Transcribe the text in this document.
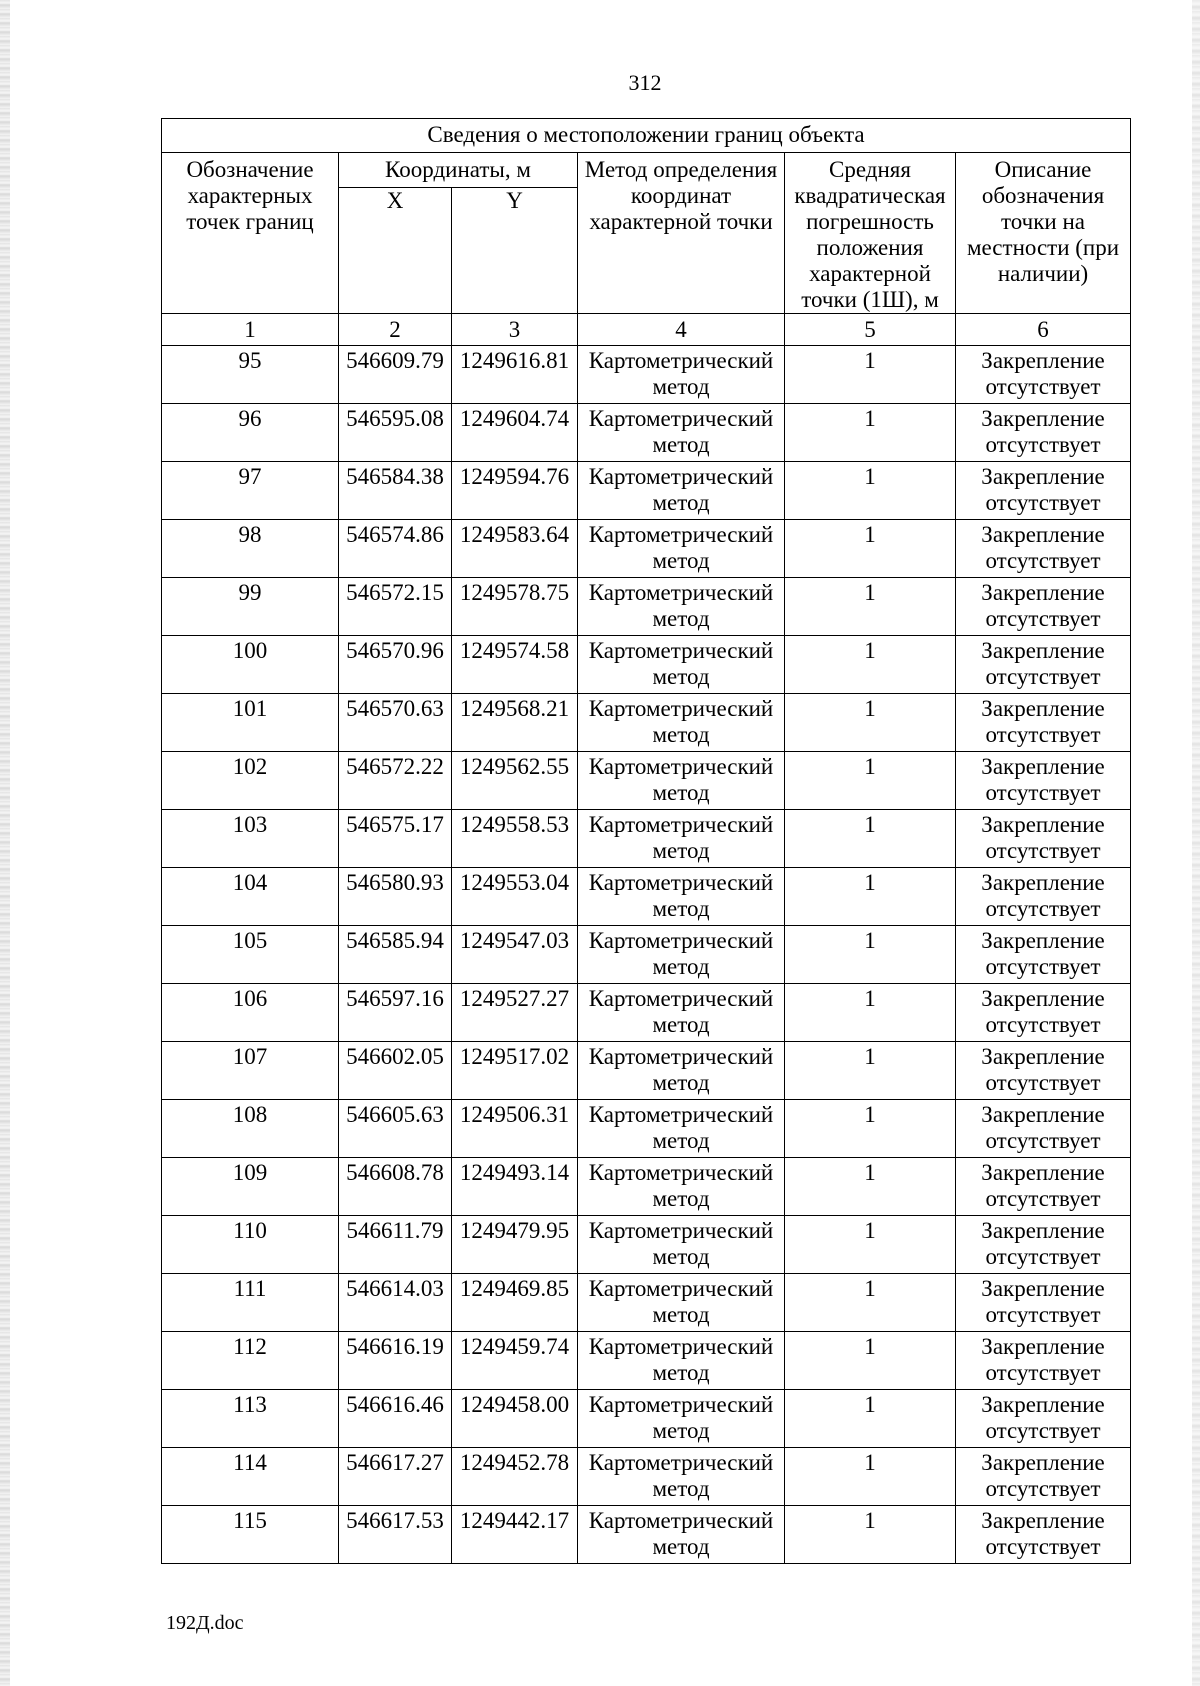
312
Сведения о местоположении границ объекта					
Обозначение характерных точек границ	Координаты, м		Метод определения координат характерной точки	Средняя квадратическая погрешность положения характерной точки (1Ш), м	Описание обозначения точки на местности (при наличии)
	X	Y			
1	2	3	4	5	6
95	546609.79	1249616.81	Картометрический метод	1	Закрепление отсутствует
96	546595.08	1249604.74	Картометрический метод	1	Закрепление отсутствует
97	546584.38	1249594.76	Картометрический метод	1	Закрепление отсутствует
98	546574.86	1249583.64	Картометрический метод	1	Закрепление отсутствует
99	546572.15	1249578.75	Картометрический метод	1	Закрепление отсутствует
100	546570.96	1249574.58	Картометрический метод	1	Закрепление отсутствует
101	546570.63	1249568.21	Картометрический метод	1	Закрепление отсутствует
102	546572.22	1249562.55	Картометрический метод	1	Закрепление отсутствует
103	546575.17	1249558.53	Картометрический метод	1	Закрепление отсутствует
104	546580.93	1249553.04	Картометрический метод	1	Закрепление отсутствует
105	546585.94	1249547.03	Картометрический метод	1	Закрепление отсутствует
106	546597.16	1249527.27	Картометрический метод	1	Закрепление отсутствует
107	546602.05	1249517.02	Картометрический метод	1	Закрепление отсутствует
108	546605.63	1249506.31	Картометрический метод	1	Закрепление отсутствует
109	546608.78	1249493.14	Картометрический метод	1	Закрепление отсутствует
110	546611.79	1249479.95	Картометрический метод	1	Закрепление отсутствует
111	546614.03	1249469.85	Картометрический метод	1	Закрепление отсутствует
112	546616.19	1249459.74	Картометрический метод	1	Закрепление отсутствует
113	546616.46	1249458.00	Картометрический метод	1	Закрепление отсутствует
114	546617.27	1249452.78	Картометрический метод	1	Закрепление отсутствует
115	546617.53	1249442.17	Картометрический метод	1	Закрепление отсутствует
192Д.doc
